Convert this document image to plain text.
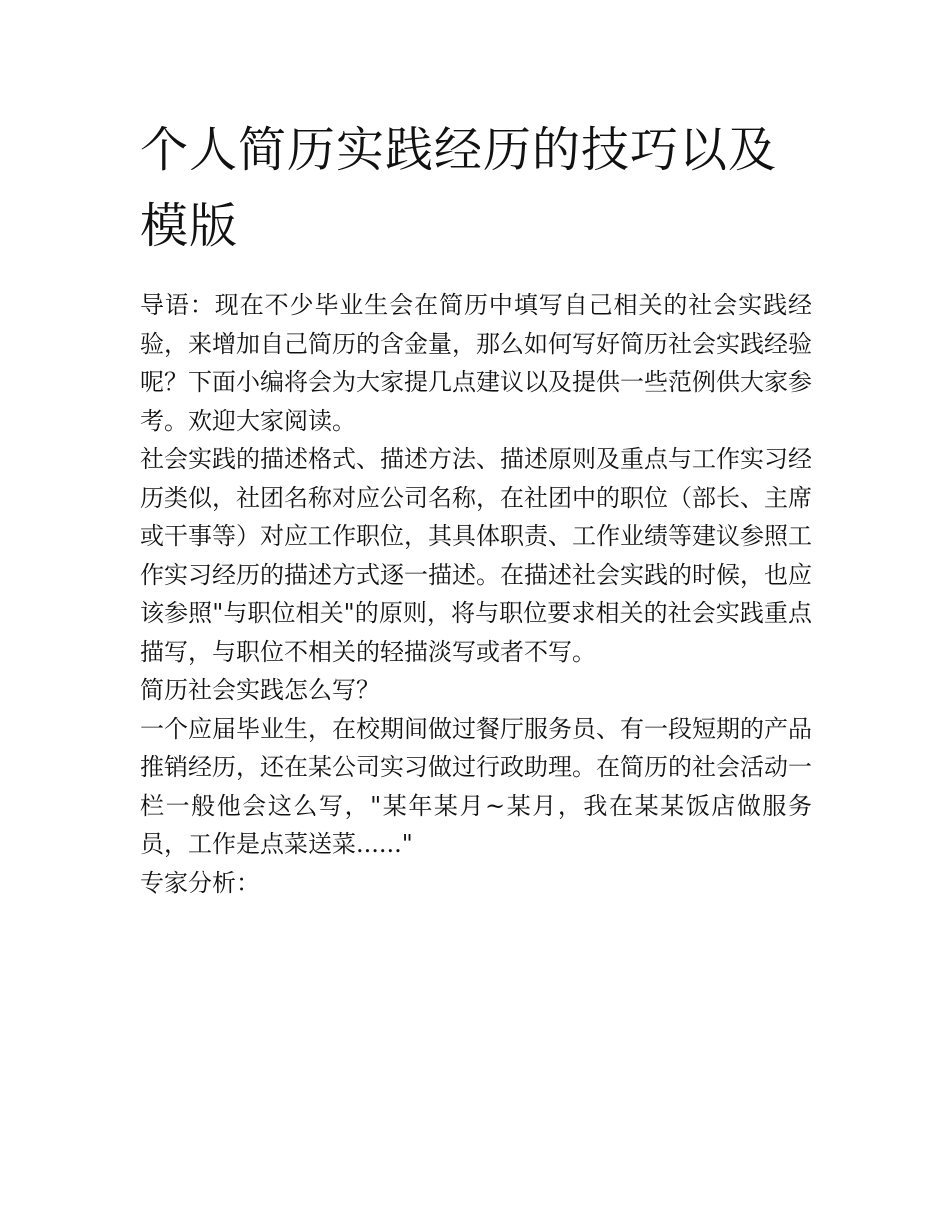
个人简历实践经历的技巧以及模版

导语：现在不少毕业生会在简历中填写自己相关的社会实践经验，来增加自己简历的含金量，那么如何写好简历社会实践经验呢？下面小编将会为大家提几点建议以及提供一些范例供大家参考。欢迎大家阅读。

社会实践的描述格式、描述方法、描述原则及重点与工作实习经历类似，社团名称对应公司名称，在社团中的职位（部长、主席或干事等）对应工作职位，其具体职责、工作业绩等建议参照工作实习经历的描述方式逐一描述。在描述社会实践的时候，也应该参照"与职位相关"的原则，将与职位要求相关的社会实践重点描写，与职位不相关的轻描淡写或者不写。

简历社会实践怎么写？

一个应届毕业生，在校期间做过餐厅服务员、有一段短期的产品推销经历，还在某公司实习做过行政助理。在简历的社会活动一栏一般他会这么写，"某年某月~某月，我在某某饭店做服务员，工作是点菜送菜......"

专家分析：
